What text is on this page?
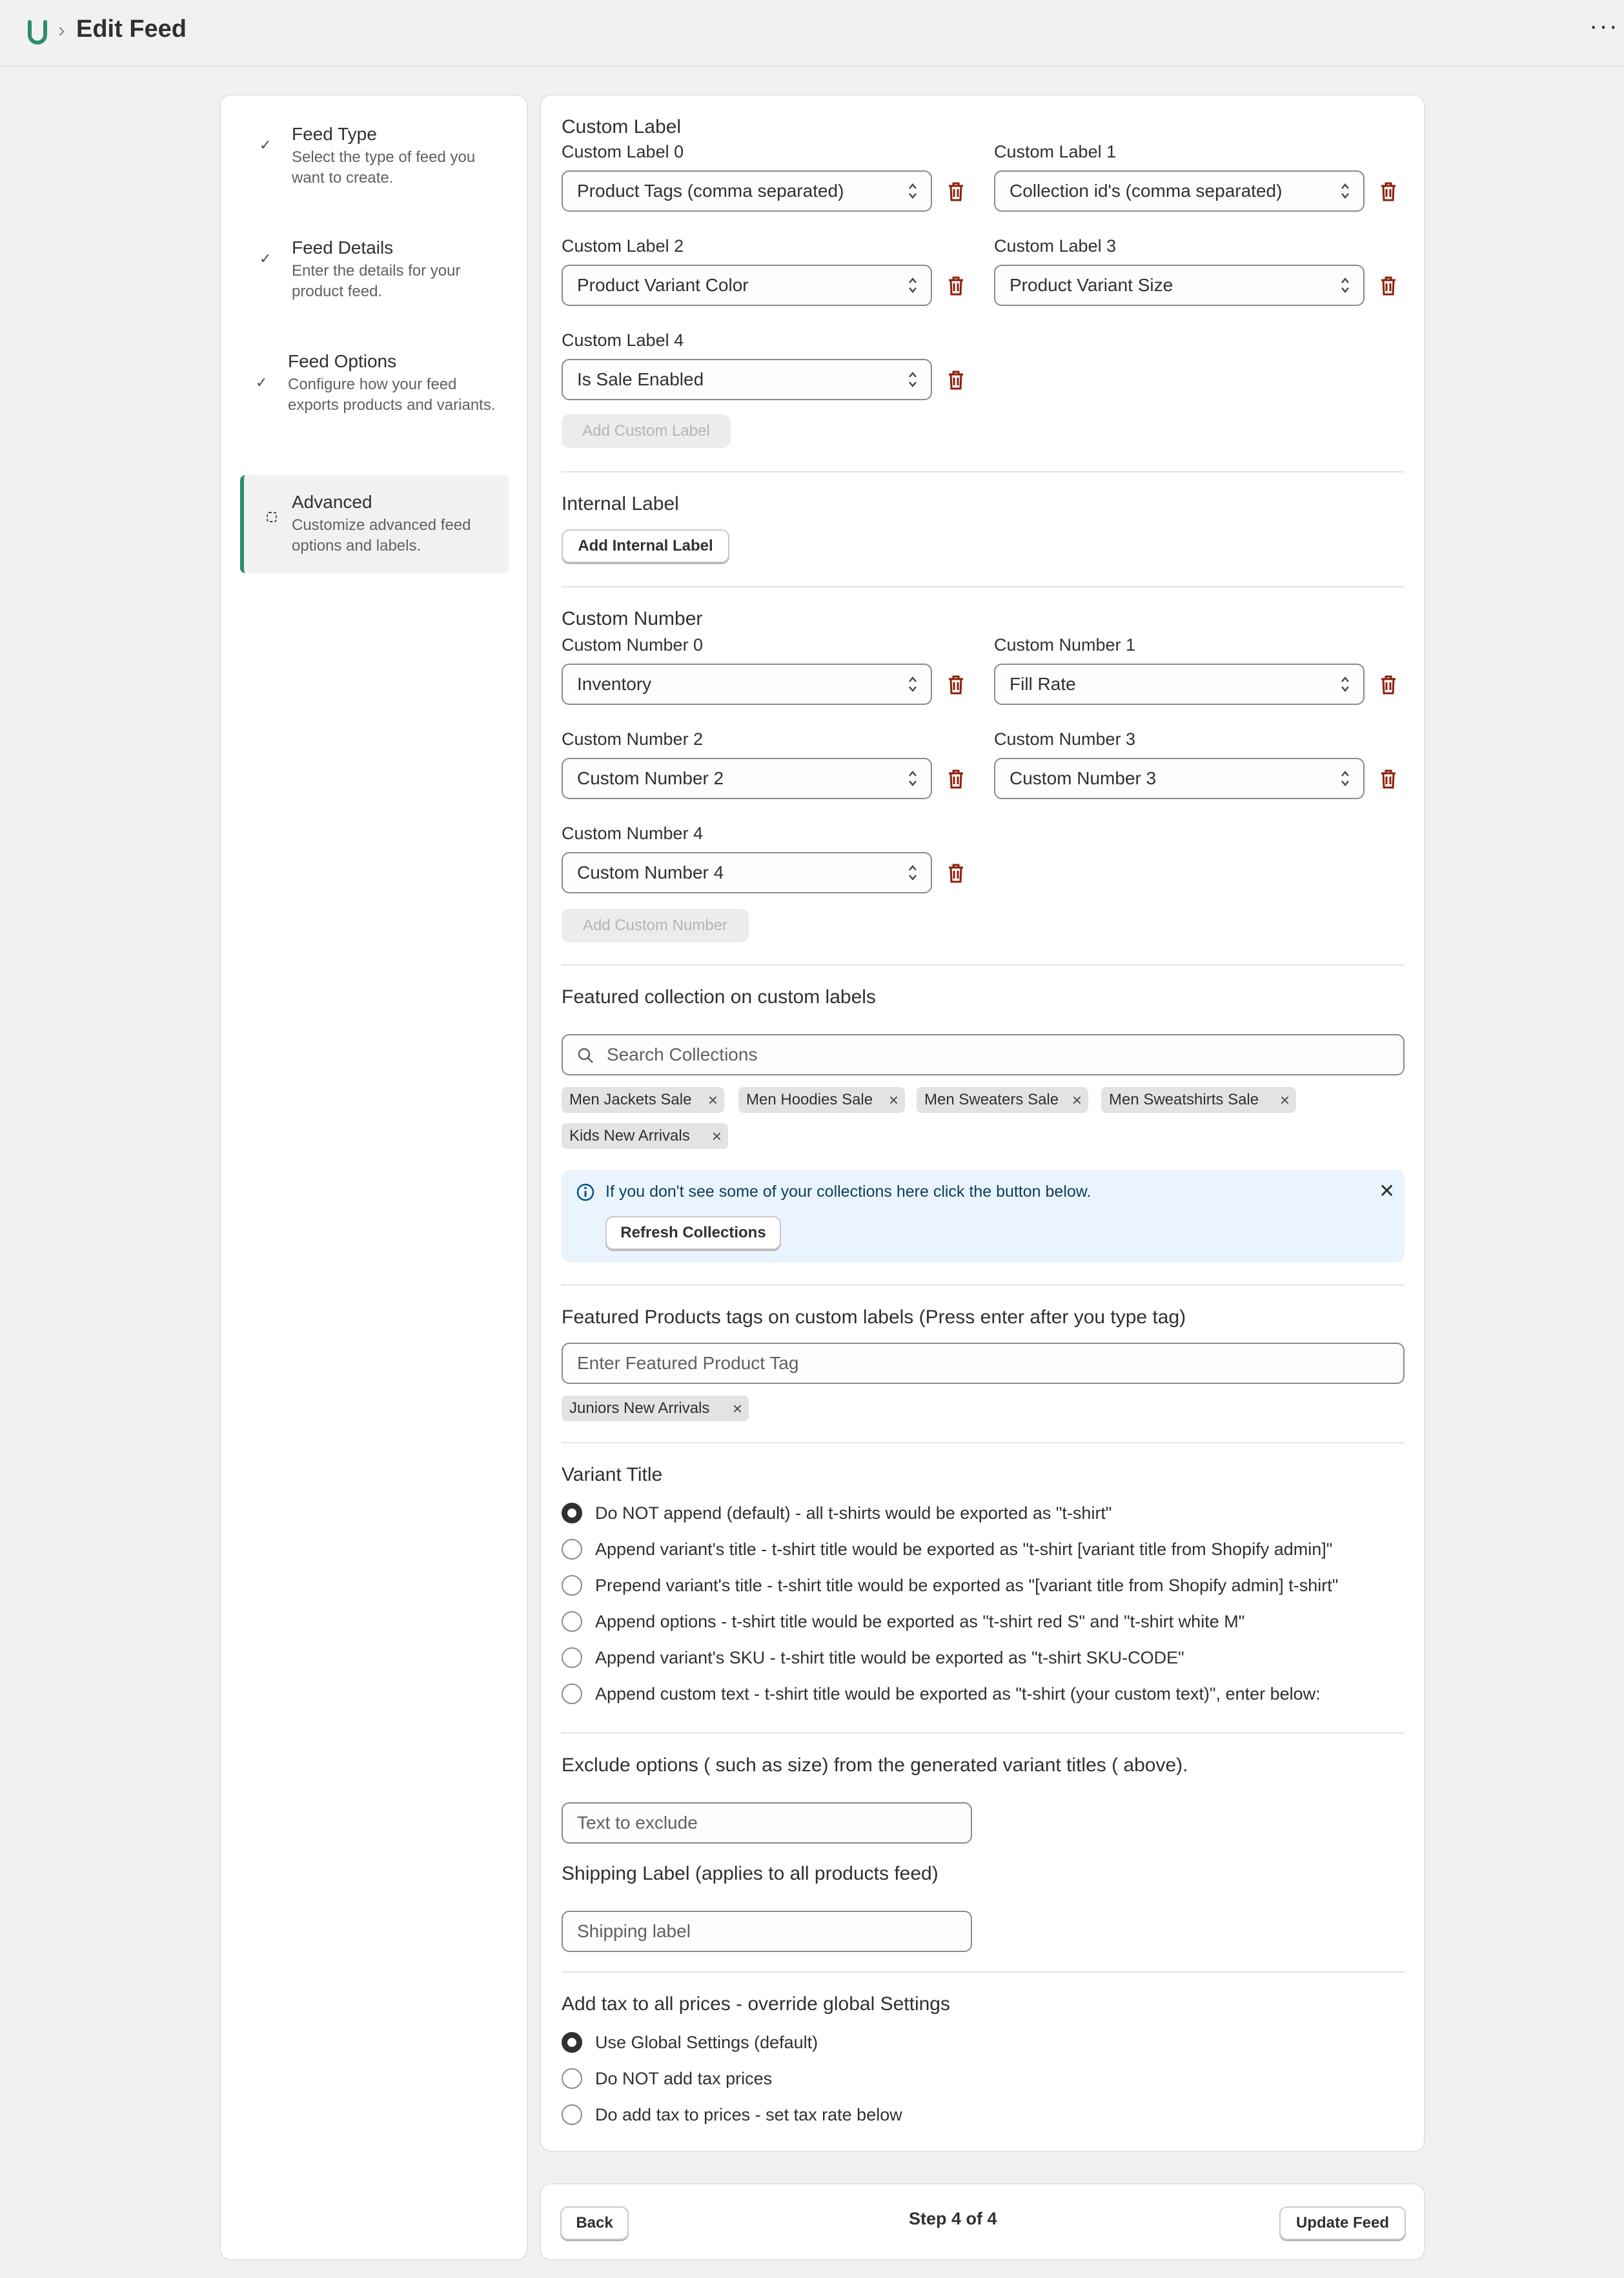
› Edit Feed	···
✓
Feed Type
Select the type of feed you want to create.
✓
Feed Details
Enter the details for your product feed.
✓
Feed Options
Configure how your feed exports products and variants.
Advanced
Customize advanced feed options and labels.
Custom Label
Custom Label 0
Product Tags (comma separated)
Custom Label 1
Collection id's (comma separated)
Custom Label 2
Product Variant Color
Custom Label 3
Product Variant Size
Custom Label 4
Is Sale Enabled
Add Custom Label
Internal Label
Add Internal Label
Custom Number
Custom Number 0
Inventory
Custom Number 1
Fill Rate
Custom Number 2
Custom Number 2
Custom Number 3
Custom Number 3
Custom Number 4
Custom Number 4
Add Custom Number
Featured collection on custom labels
Search Collections
Men Jackets Sale ×	Men Hoodies Sale ×	Men Sweaters Sale ×	Men Sweatshirts Sale ×
Kids New Arrivals ×
If you don't see some of your collections here click the button below.	✕
Refresh Collections
Featured Products tags on custom labels (Press enter after you type tag)
Enter Featured Product Tag
Juniors New Arrivals ×
Variant Title
Do NOT append (default) - all t-shirts would be exported as "t-shirt"
Append variant's title - t-shirt title would be exported as "t-shirt [variant title from Shopify admin]"
Prepend variant's title - t-shirt title would be exported as "[variant title from Shopify admin] t-shirt"
Append options - t-shirt title would be exported as "t-shirt red S" and "t-shirt white M"
Append variant's SKU - t-shirt title would be exported as "t-shirt SKU-CODE"
Append custom text - t-shirt title would be exported as "t-shirt (your custom text)", enter below:
Exclude options ( such as size) from the generated variant titles ( above).
Text to exclude
Shipping Label (applies to all products feed)
Shipping label
Add tax to all prices - override global Settings
Use Global Settings (default)
Do NOT add tax prices
Do add tax to prices - set tax rate below
Back	Step 4 of 4	Update Feed
